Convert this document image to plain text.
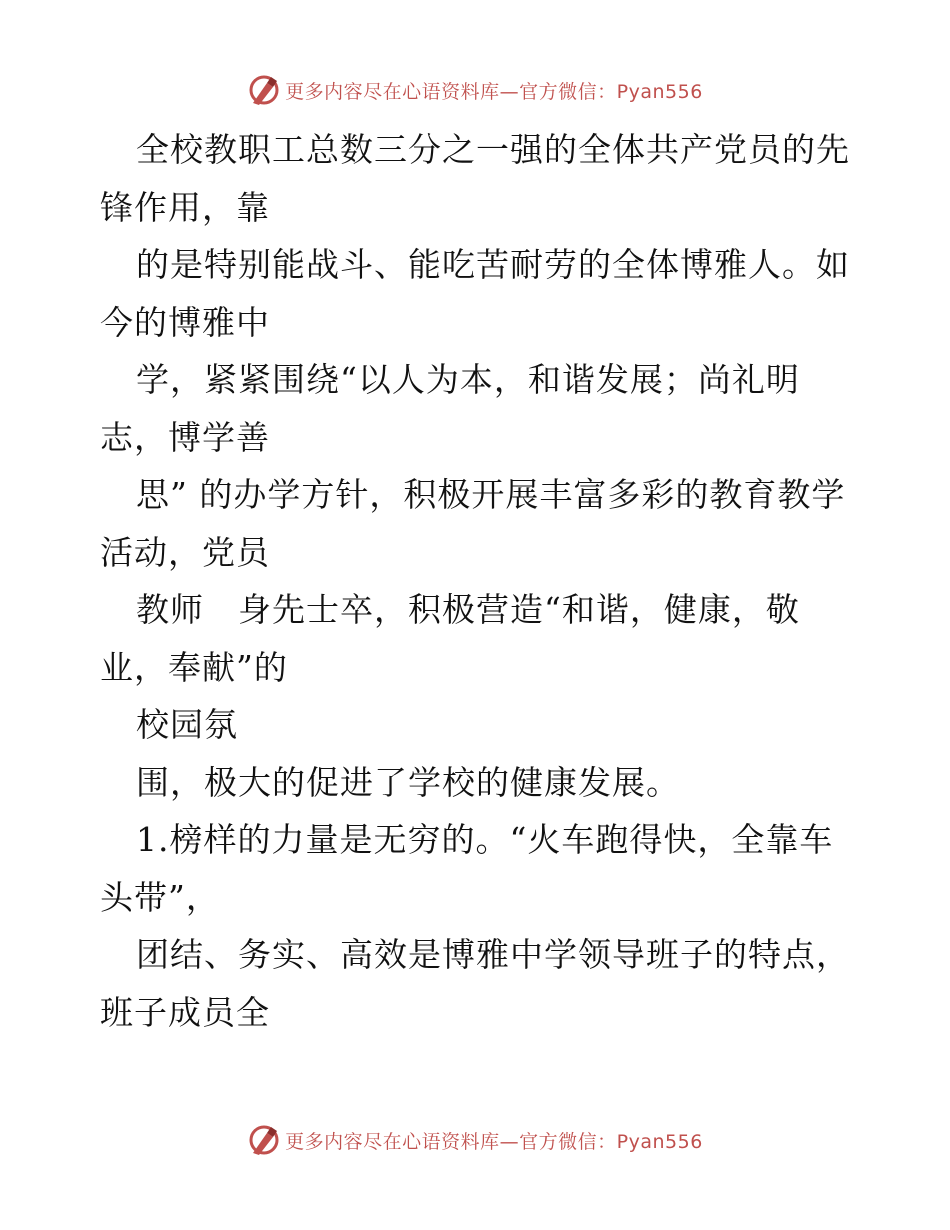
更多内容尽在心语资料库—官方微信：Pyan556

全校教职工总数三分之一强的全体共产党员的先锋作用，靠

的是特别能战斗、能吃苦耐劳的全体博雅人。如今的博雅中

学，紧紧围绕“以人为本，和谐发展；尚礼明志，博学善

思” 的办学方针，积极开展丰富多彩的教育教学活动，党员

教师　身先士卒，积极营造“和谐，健康，敬业，奉献”的

校园氛

围，极大的促进了学校的健康发展。

1.榜样的力量是无穷的。“火车跑得快，全靠车头带”，

团结、务实、高效是博雅中学领导班子的特点，班子成员全

更多内容尽在心语资料库—官方微信：Pyan556
